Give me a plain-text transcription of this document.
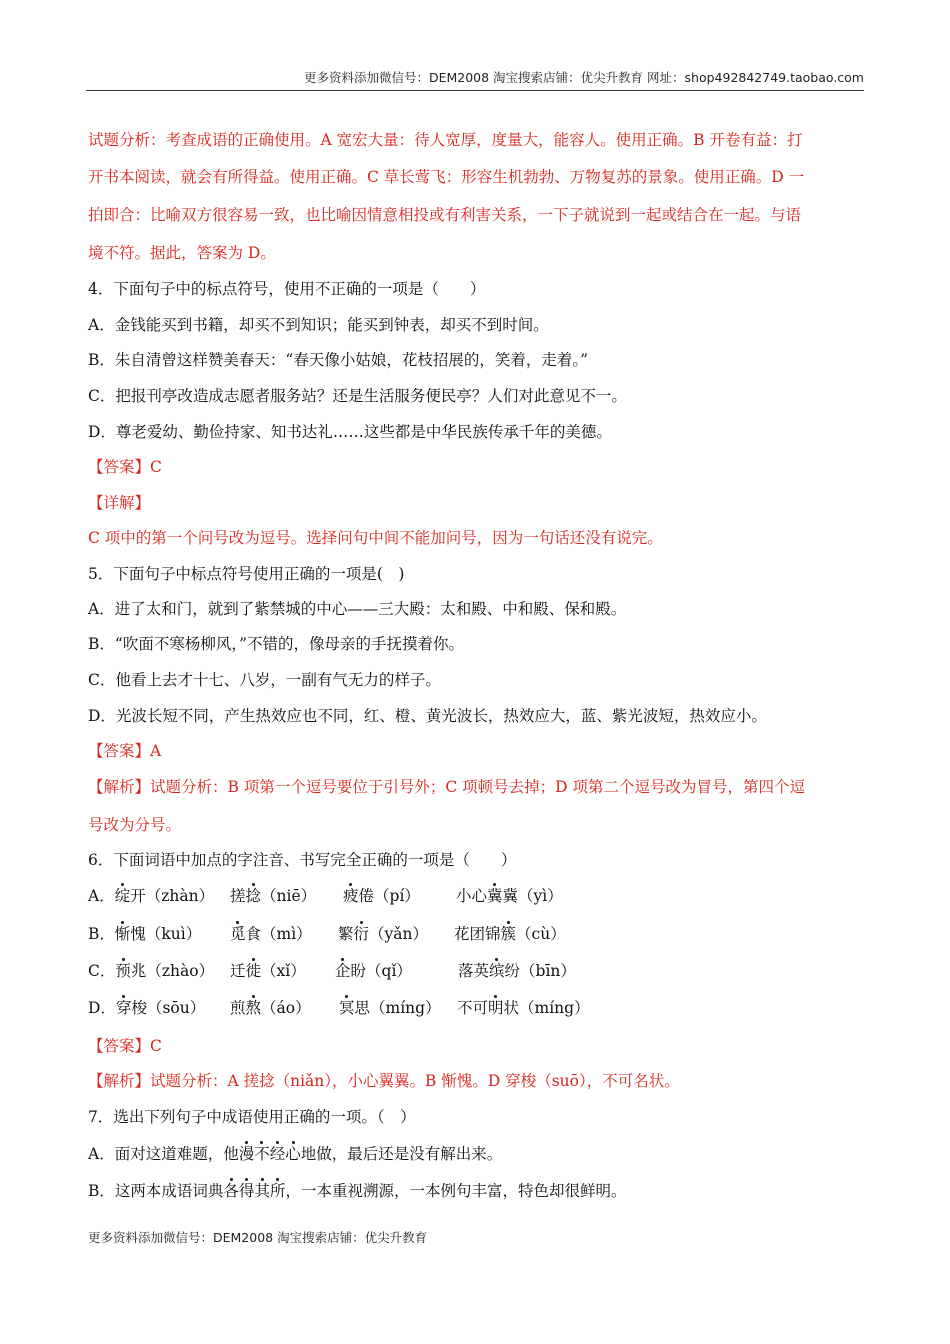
更多资料添加微信号：DEM2008 淘宝搜索店铺：优尖升教育 网址：shop492842749.taobao.com
试题分析：考查成语的正确使用。A 宽宏大量：待人宽厚，度量大，能容人。使用正确。B 开卷有益：打
开书本阅读，就会有所得益。使用正确。C 草长莺飞：形容生机勃勃、万物复苏的景象。使用正确。D 一
拍即合：比喻双方很容易一致，也比喻因情意相投或有利害关系，一下子就说到一起或结合在一起。与语
境不符。据此，答案为 D。
4．下面句子中的标点符号，使用不正确的一项是（　　）
A．金钱能买到书籍，却买不到知识；能买到钟表，却买不到时间。
B．朱自清曾这样赞美春天：“春天像小姑娘，花枝招展的，笑着，走着。”
C．把报刊亭改造成志愿者服务站？还是生活服务便民亭？人们对此意见不一。
D．尊老爱幼、勤俭持家、知书达礼……这些都是中华民族传承千年的美德。
【答案】C
【详解】
C 项中的第一个问号改为逗号。选择问句中间不能加问号，因为一句话还没有说完。
5．下面句子中标点符号使用正确的一项是(　)
A．进了太和门，就到了紫禁城的中心——三大殿：太和殿、中和殿、保和殿。
B．“吹面不寒杨柳风，”不错的，像母亲的手抚摸着你。
C．他看上去才十七、八岁，一副有气无力的样子。
D．光波长短不同，产生热效应也不同，红、橙、黄光波长，热效应大，蓝、紫光波短，热效应小。
【答案】A
【解析】试题分析：B 项第一个逗号要位于引号外；C 项顿号去掉；D 项第二个逗号改为冒号，第四个逗
号改为分号。
6．下面词语中加点的字注音、书写完全正确的一项是（　　）
A．绽开（zhàn） 搓捻（niē） 疲倦（pí） 小心冀冀（yì）
B．惭愧（kuì） 觅食（mì） 繁衍（yǎn） 花团锦簇（cù）
C．预兆（zhào） 迁徙（xǐ） 企盼（qǐ）	落英缤纷（bīn）
D．穿梭（sōu） 煎熬（áo） 冥思（míng） 不可明状（míng）
【答案】C
【解析】试题分析：A 搓捻（niǎn），小心翼翼。B 惭愧。D 穿梭（suō），不可名状。
7．选出下列句子中成语使用正确的一项。（　）
A．面对这道难题，他漫不经心地做，最后还是没有解出来。
B．这两本成语词典各得其所，一本重视溯源，一本例句丰富，特色却很鲜明。
更多资料添加微信号：DEM2008 淘宝搜索店铺：优尖升教育
